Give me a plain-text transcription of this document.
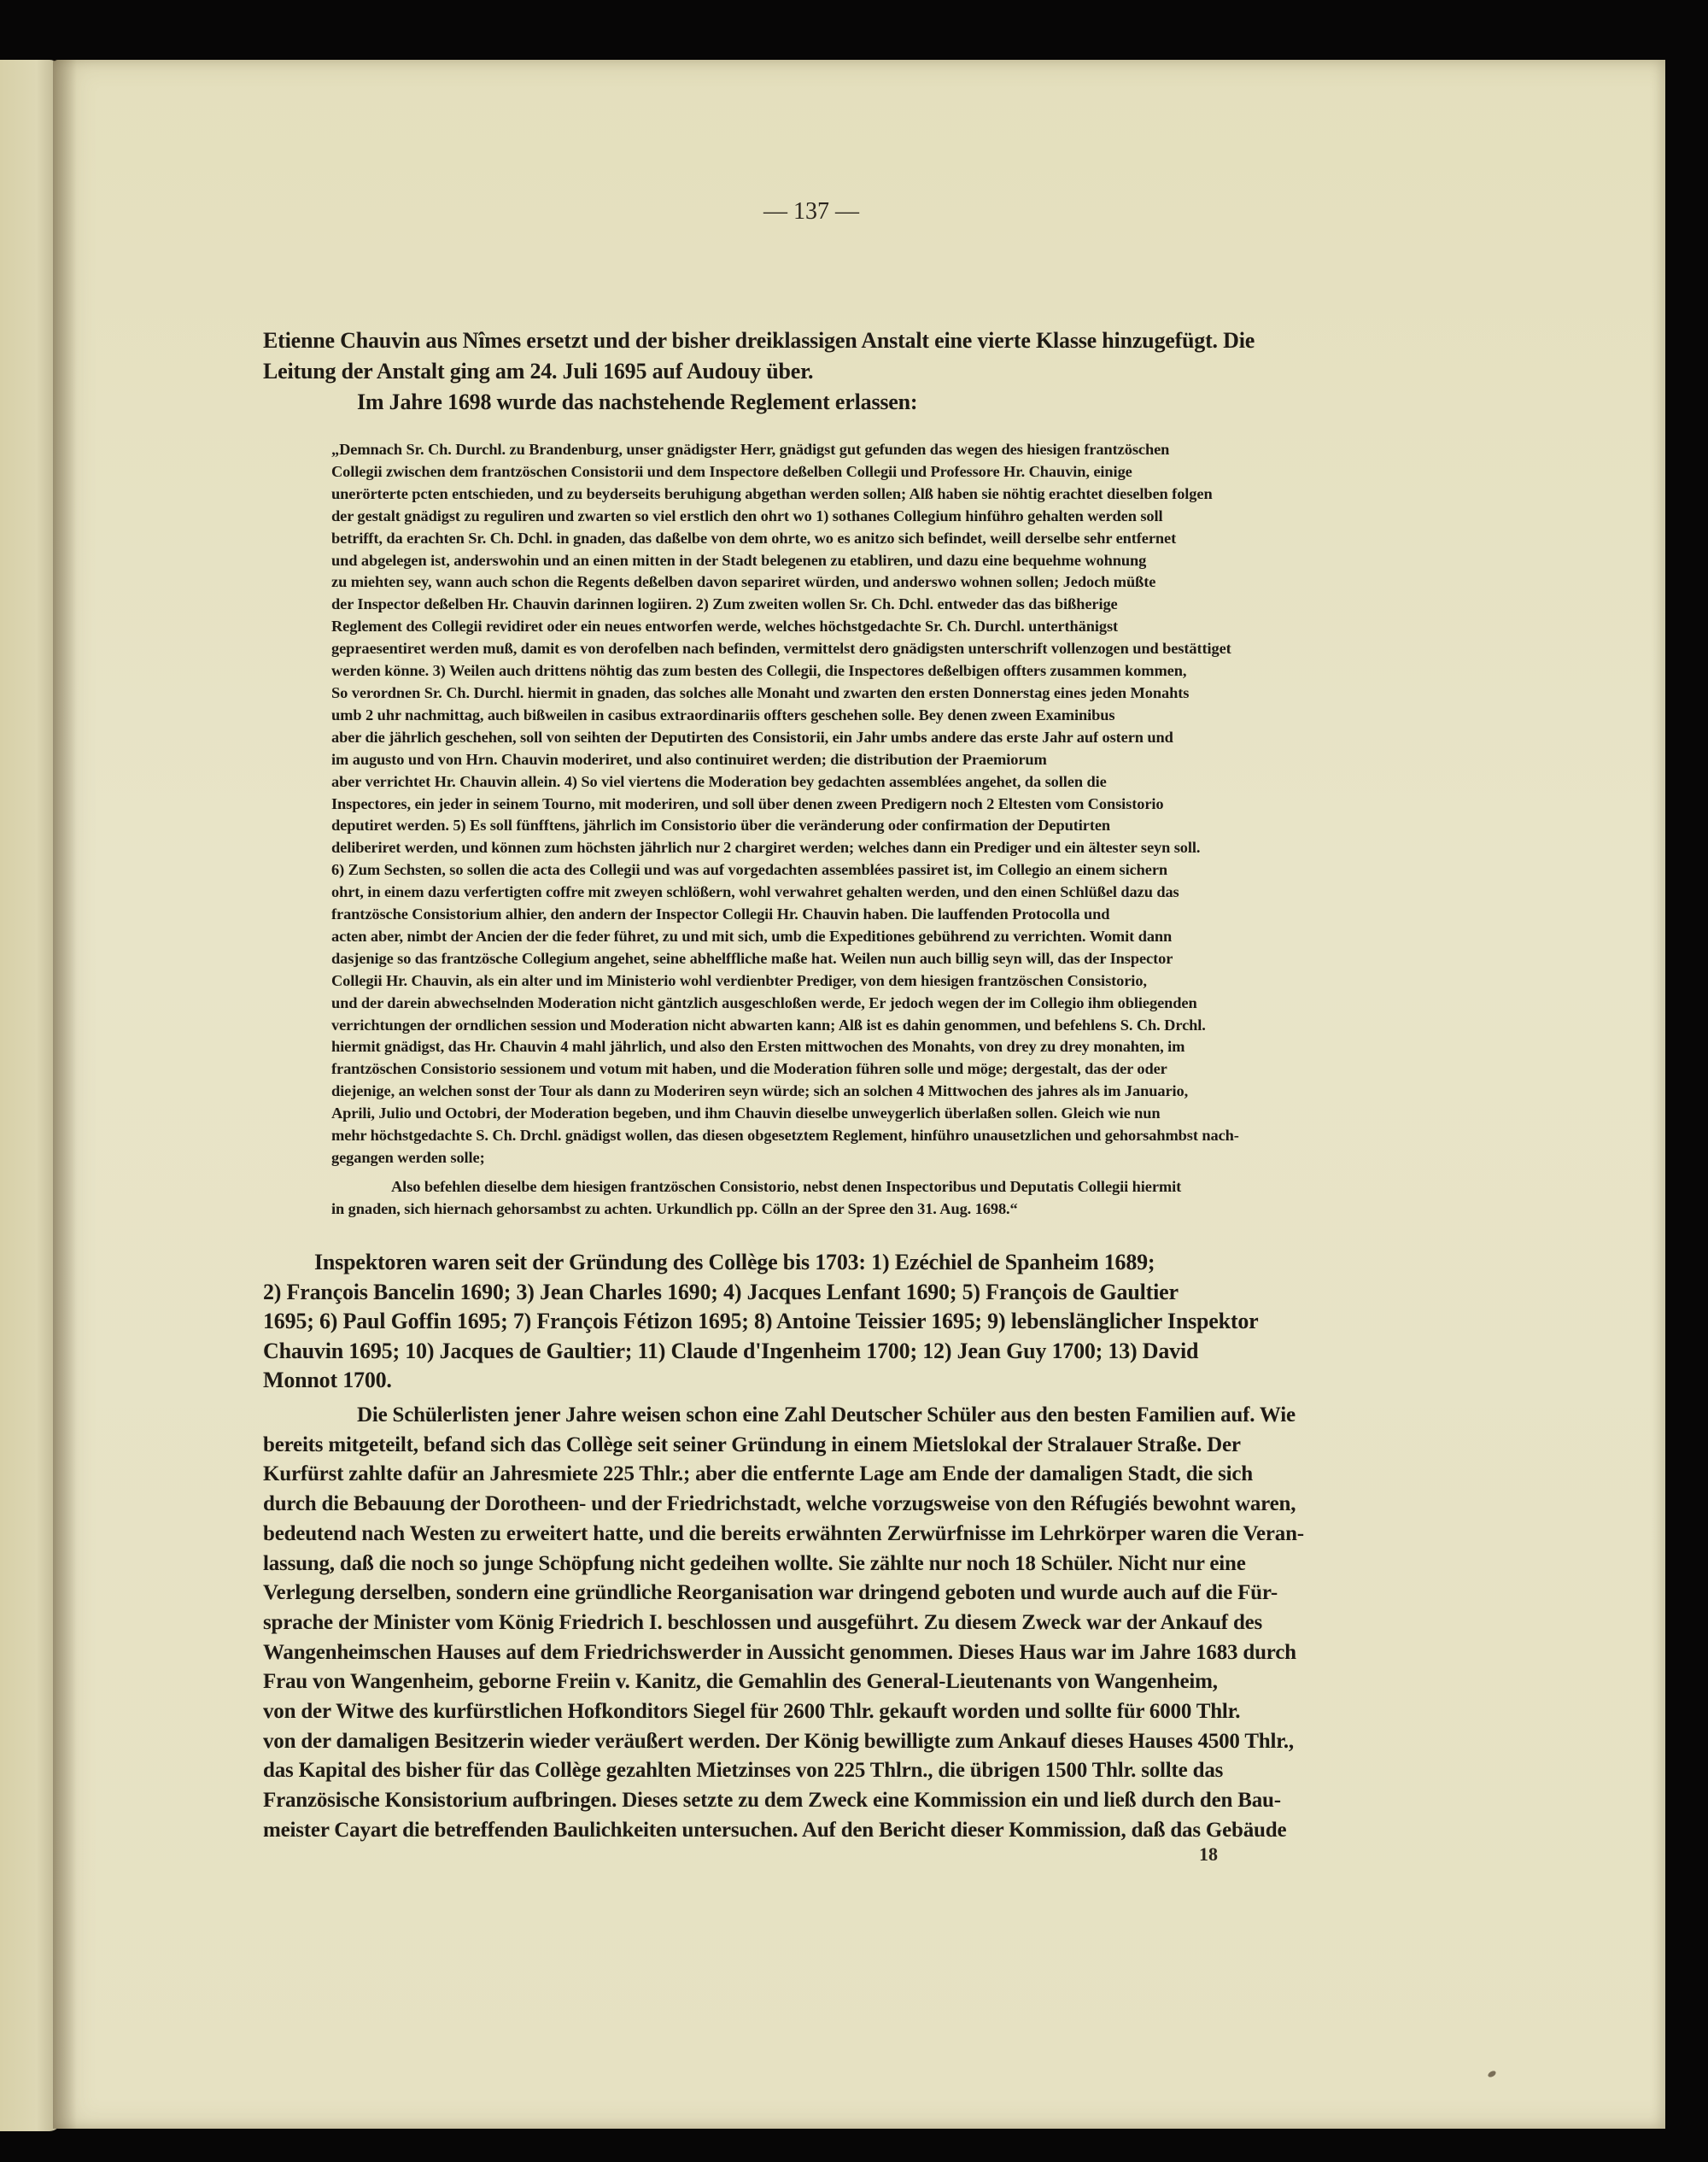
— 137 —
Etienne Chauvin aus Nîmes ersetzt und der bisher dreiklassigen Anstalt eine vierte Klasse hinzugefügt. Die
Leitung der Anstalt ging am 24. Juli 1695 auf Audouy über.
Im Jahre 1698 wurde das nachstehende Reglement erlassen:
„Demnach Sr. Ch. Durchl. zu Brandenburg, unser gnädigster Herr, gnädigst gut gefunden das wegen des hiesigen frantzöschen
Collegii zwischen dem frantzöschen Consistorii und dem Inspectore deßelben Collegii und Professore Hr. Chauvin, einige
unerörterte pcten entschieden, und zu beyderseits beruhigung abgethan werden sollen; Alß haben sie nöhtig erachtet dieselben folgen
der gestalt gnädigst zu reguliren und zwarten so viel erstlich den ohrt wo 1) sothanes Collegium hinführo gehalten werden soll
betrifft, da erachten Sr. Ch. Dchl. in gnaden, das daßelbe von dem ohrte, wo es anitzo sich befindet, weill derselbe sehr entfernet
und abgelegen ist, anderswohin und an einen mitten in der Stadt belegenen zu etabliren, und dazu eine bequehme wohnung
zu miehten sey, wann auch schon die Regents deßelben davon separiret würden, und anderswo wohnen sollen; Jedoch müßte
der Inspector deßelben Hr. Chauvin darinnen logiiren. 2) Zum zweiten wollen Sr. Ch. Dchl. entweder das das bißherige
Reglement des Collegii revidiret oder ein neues entworfen werde, welches höchstgedachte Sr. Ch. Durchl. unterthänigst
gepraesentiret werden muß, damit es von derofelben nach befinden, vermittelst dero gnädigsten unterschrift vollenzogen und bestättiget
werden könne. 3) Weilen auch drittens nöhtig das zum besten des Collegii, die Inspectores deßelbigen offters zusammen kommen,
So verordnen Sr. Ch. Durchl. hiermit in gnaden, das solches alle Monaht und zwarten den ersten Donnerstag eines jeden Monahts
umb 2 uhr nachmittag, auch bißweilen in casibus extraordinariis offters geschehen solle. Bey denen zween Examinibus
aber die jährlich geschehen, soll von seihten der Deputirten des Consistorii, ein Jahr umbs andere das erste Jahr auf ostern und
im augusto und von Hrn. Chauvin moderiret, und also continuiret werden; die distribution der Praemiorum
aber verrichtet Hr. Chauvin allein. 4) So viel viertens die Moderation bey gedachten assemblées angehet, da sollen die
Inspectores, ein jeder in seinem Tourno, mit moderiren, und soll über denen zween Predigern noch 2 Eltesten vom Consistorio
deputiret werden. 5) Es soll fünfftens, jährlich im Consistorio über die veränderung oder confirmation der Deputirten
deliberiret werden, und können zum höchsten jährlich nur 2 chargiret werden; welches dann ein Prediger und ein ältester seyn soll.
6) Zum Sechsten, so sollen die acta des Collegii und was auf vorgedachten assemblées passiret ist, im Collegio an einem sichern
ohrt, in einem dazu verfertigten coffre mit zweyen schlößern, wohl verwahret gehalten werden, und den einen Schlüßel dazu das
frantzösche Consistorium alhier, den andern der Inspector Collegii Hr. Chauvin haben. Die lauffenden Protocolla und
acten aber, nimbt der Ancien der die feder führet, zu und mit sich, umb die Expeditiones gebührend zu verrichten. Womit dann
dasjenige so das frantzösche Collegium angehet, seine abhelffliche maße hat. Weilen nun auch billig seyn will, das der Inspector
Collegii Hr. Chauvin, als ein alter und im Ministerio wohl verdienbter Prediger, von dem hiesigen frantzöschen Consistorio,
und der darein abwechselnden Moderation nicht gäntzlich ausgeschloßen werde, Er jedoch wegen der im Collegio ihm obliegenden
verrichtungen der orndlichen session und Moderation nicht abwarten kann; Alß ist es dahin genommen, und befehlens S. Ch. Drchl.
hiermit gnädigst, das Hr. Chauvin 4 mahl jährlich, und also den Ersten mittwochen des Monahts, von drey zu drey monahten, im
frantzöschen Consistorio sessionem und votum mit haben, und die Moderation führen solle und möge; dergestalt, das der oder
diejenige, an welchen sonst der Tour als dann zu Moderiren seyn würde; sich an solchen 4 Mittwochen des jahres als im Januario,
Aprili, Julio und Octobri, der Moderation begeben, und ihm Chauvin dieselbe unweygerlich überlaßen sollen. Gleich wie nun
mehr höchstgedachte S. Ch. Drchl. gnädigst wollen, das diesen obgesetztem Reglement, hinführo unausetzlichen und gehorsahmbst nach-
gegangen werden solle;
Also befehlen dieselbe dem hiesigen frantzöschen Consistorio, nebst denen Inspectoribus und Deputatis Collegii hiermit
in gnaden, sich hiernach gehorsambst zu achten. Urkundlich pp. Cölln an der Spree den 31. Aug. 1698.“
Inspektoren waren seit der Gründung des Collège bis 1703: 1) Ezéchiel de Spanheim 1689;
2) François Bancelin 1690; 3) Jean Charles 1690; 4) Jacques Lenfant 1690; 5) François de Gaultier
1695; 6) Paul Goffin 1695; 7) François Fétizon 1695; 8) Antoine Teissier 1695; 9) lebenslänglicher Inspektor
Chauvin 1695; 10) Jacques de Gaultier; 11) Claude d'Ingenheim 1700; 12) Jean Guy 1700; 13) David
Monnot 1700.
Die Schülerlisten jener Jahre weisen schon eine Zahl Deutscher Schüler aus den besten Familien auf. Wie
bereits mitgeteilt, befand sich das Collège seit seiner Gründung in einem Mietslokal der Stralauer Straße. Der
Kurfürst zahlte dafür an Jahresmiete 225 Thlr.; aber die entfernte Lage am Ende der damaligen Stadt, die sich
durch die Bebauung der Dorotheen- und der Friedrichstadt, welche vorzugsweise von den Réfugiés bewohnt waren,
bedeutend nach Westen zu erweitert hatte, und die bereits erwähnten Zerwürfnisse im Lehrkörper waren die Veran-
lassung, daß die noch so junge Schöpfung nicht gedeihen wollte. Sie zählte nur noch 18 Schüler. Nicht nur eine
Verlegung derselben, sondern eine gründliche Reorganisation war dringend geboten und wurde auch auf die Für-
sprache der Minister vom König Friedrich I. beschlossen und ausgeführt. Zu diesem Zweck war der Ankauf des
Wangenheimschen Hauses auf dem Friedrichswerder in Aussicht genommen. Dieses Haus war im Jahre 1683 durch
Frau von Wangenheim, geborne Freiin v. Kanitz, die Gemahlin des General-Lieutenants von Wangenheim,
von der Witwe des kurfürstlichen Hofkonditors Siegel für 2600 Thlr. gekauft worden und sollte für 6000 Thlr.
von der damaligen Besitzerin wieder veräußert werden. Der König bewilligte zum Ankauf dieses Hauses 4500 Thlr.,
das Kapital des bisher für das Collège gezahlten Mietzinses von 225 Thlrn., die übrigen 1500 Thlr. sollte das
Französische Konsistorium aufbringen. Dieses setzte zu dem Zweck eine Kommission ein und ließ durch den Bau-
meister Cayart die betreffenden Baulichkeiten untersuchen. Auf den Bericht dieser Kommission, daß das Gebäude
18
